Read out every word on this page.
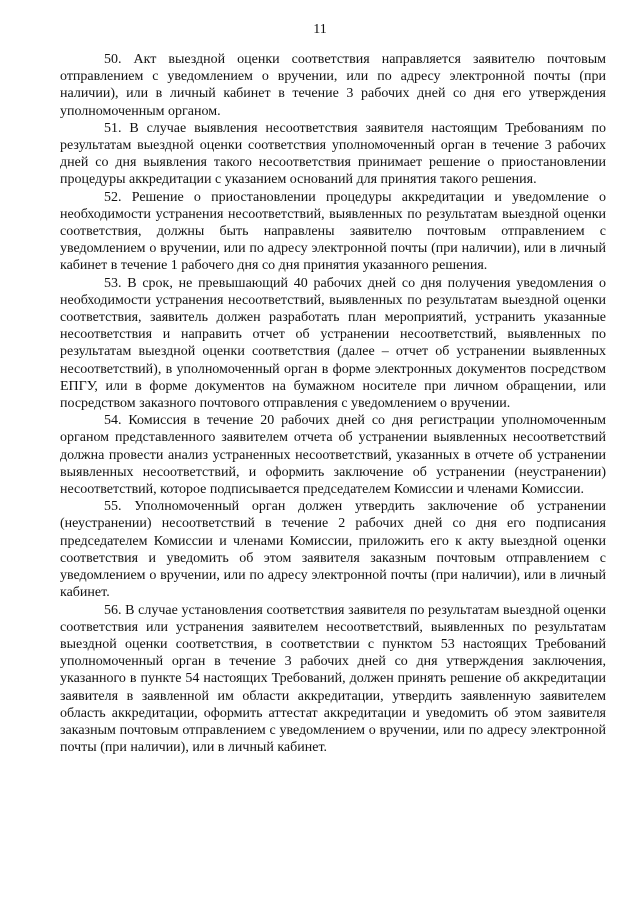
11

50. Акт выездной оценки соответствия направляется заявителю почтовым отправлением с уведомлением о вручении, или по адресу электронной почты (при наличии), или в личный кабинет в течение 3 рабочих дней со дня его утверждения уполномоченным органом.

51. В случае выявления несоответствия заявителя настоящим Требованиям по результатам выездной оценки соответствия уполномоченный орган в течение 3 рабочих дней со дня выявления такого несоответствия принимает решение о приостановлении процедуры аккредитации с указанием оснований для принятия такого решения.

52. Решение о приостановлении процедуры аккредитации и уведомление о необходимости устранения несоответствий, выявленных по результатам выездной оценки соответствия, должны быть направлены заявителю почтовым отправлением с уведомлением о вручении, или по адресу электронной почты (при наличии), или в личный кабинет в течение 1 рабочего дня со дня принятия указанного решения.

53. В срок, не превышающий 40 рабочих дней со дня получения уведомления о необходимости устранения несоответствий, выявленных по результатам выездной оценки соответствия, заявитель должен разработать план мероприятий, устранить указанные несоответствия и направить отчет об устранении несоответствий, выявленных по результатам выездной оценки соответствия (далее – отчет об устранении выявленных несоответствий), в уполномоченный орган в форме электронных документов посредством ЕПГУ, или в форме документов на бумажном носителе при личном обращении, или посредством заказного почтового отправления с уведомлением о вручении.

54. Комиссия в течение 20 рабочих дней со дня регистрации уполномоченным органом представленного заявителем отчета об устранении выявленных несоответствий должна провести анализ устраненных несоответствий, указанных в отчете об устранении выявленных несоответствий, и оформить заключение об устранении (неустранении) несоответствий, которое подписывается председателем Комиссии и членами Комиссии.

55. Уполномоченный орган должен утвердить заключение об устранении (неустранении) несоответствий в течение 2 рабочих дней со дня его подписания председателем Комиссии и членами Комиссии, приложить его к акту выездной оценки соответствия и уведомить об этом заявителя заказным почтовым отправлением с уведомлением о вручении, или по адресу электронной почты (при наличии), или в личный кабинет.

56. В случае установления соответствия заявителя по результатам выездной оценки соответствия или устранения заявителем несоответствий, выявленных по результатам выездной оценки соответствия, в соответствии с пунктом 53 настоящих Требований уполномоченный орган в течение 3 рабочих дней со дня утверждения заключения, указанного в пункте 54 настоящих Требований, должен принять решение об аккредитации заявителя в заявленной им области аккредитации, утвердить заявленную заявителем область аккредитации, оформить аттестат аккредитации и уведомить об этом заявителя заказным почтовым отправлением с уведомлением о вручении, или по адресу электронной почты (при наличии), или в личный кабинет.
